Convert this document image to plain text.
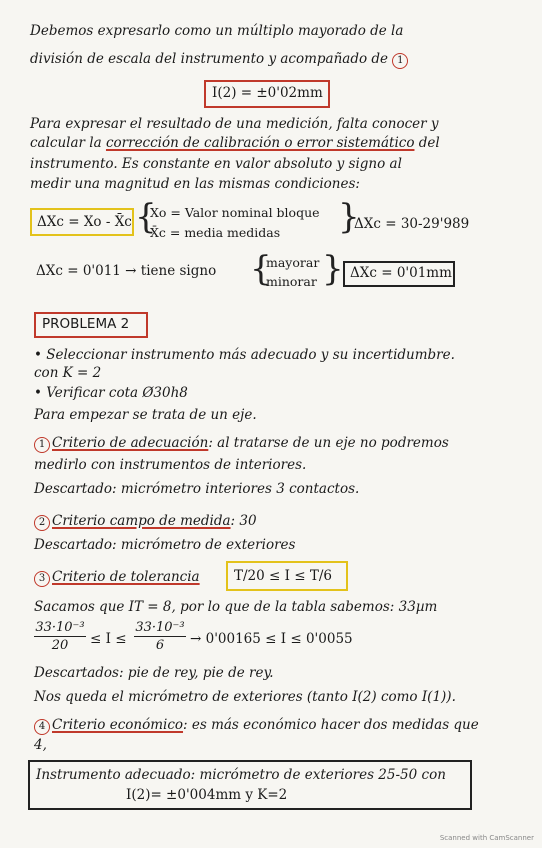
Debemos expresarlo como un múltiplo mayorado de la
división de escala del instrumento y acompañado de 1
I(2) = ±0'02mm
Para expresar el resultado de una medición, falta conocer y
calcular la corrección de calibración o error sistemático del
instrumento. Es constante en valor absoluto y signo al
medir una magnitud en las mismas condiciones:
ΔXc = Xo - X̄c {
Xo = Valor nominal bloque
X̄c = media medidas }
ΔXc = 30-29'989
ΔXc = 0'011 → tiene signo {
mayorar
minorar } ΔXc = 0'01mm
PROBLEMA 2
• Seleccionar instrumento más adecuado y su incertidumbre.
con K = 2
• Verificar cota Ø30h8
Para empezar se trata de un eje.
1 Criterio de adecuación: al tratarse de un eje no podremos
medirlo con instrumentos de interiores.
Descartado: micrómetro interiores 3 contactos.
2 Criterio campo de medida: 30
Descartado: micrómetro de exteriores
3 Criterio de tolerancia	T/20 ≤ I ≤ T/6
Sacamos que IT = 8, por lo que de la tabla sabemos: 33µm
33·10⁻³
20	≤ I ≤
33·10⁻³
6	→ 0'00165 ≤ I ≤ 0'0055
Descartados: pie de rey, pie de rey.
Nos queda el micrómetro de exteriores (tanto I(2) como I(1)).
4 Criterio económico: es más económico hacer dos medidas que
4,
Instrumento adecuado: micrómetro de exteriores 25-50 con
I(2)= ±0'004mm y K=2
Scanned with CamScanner
